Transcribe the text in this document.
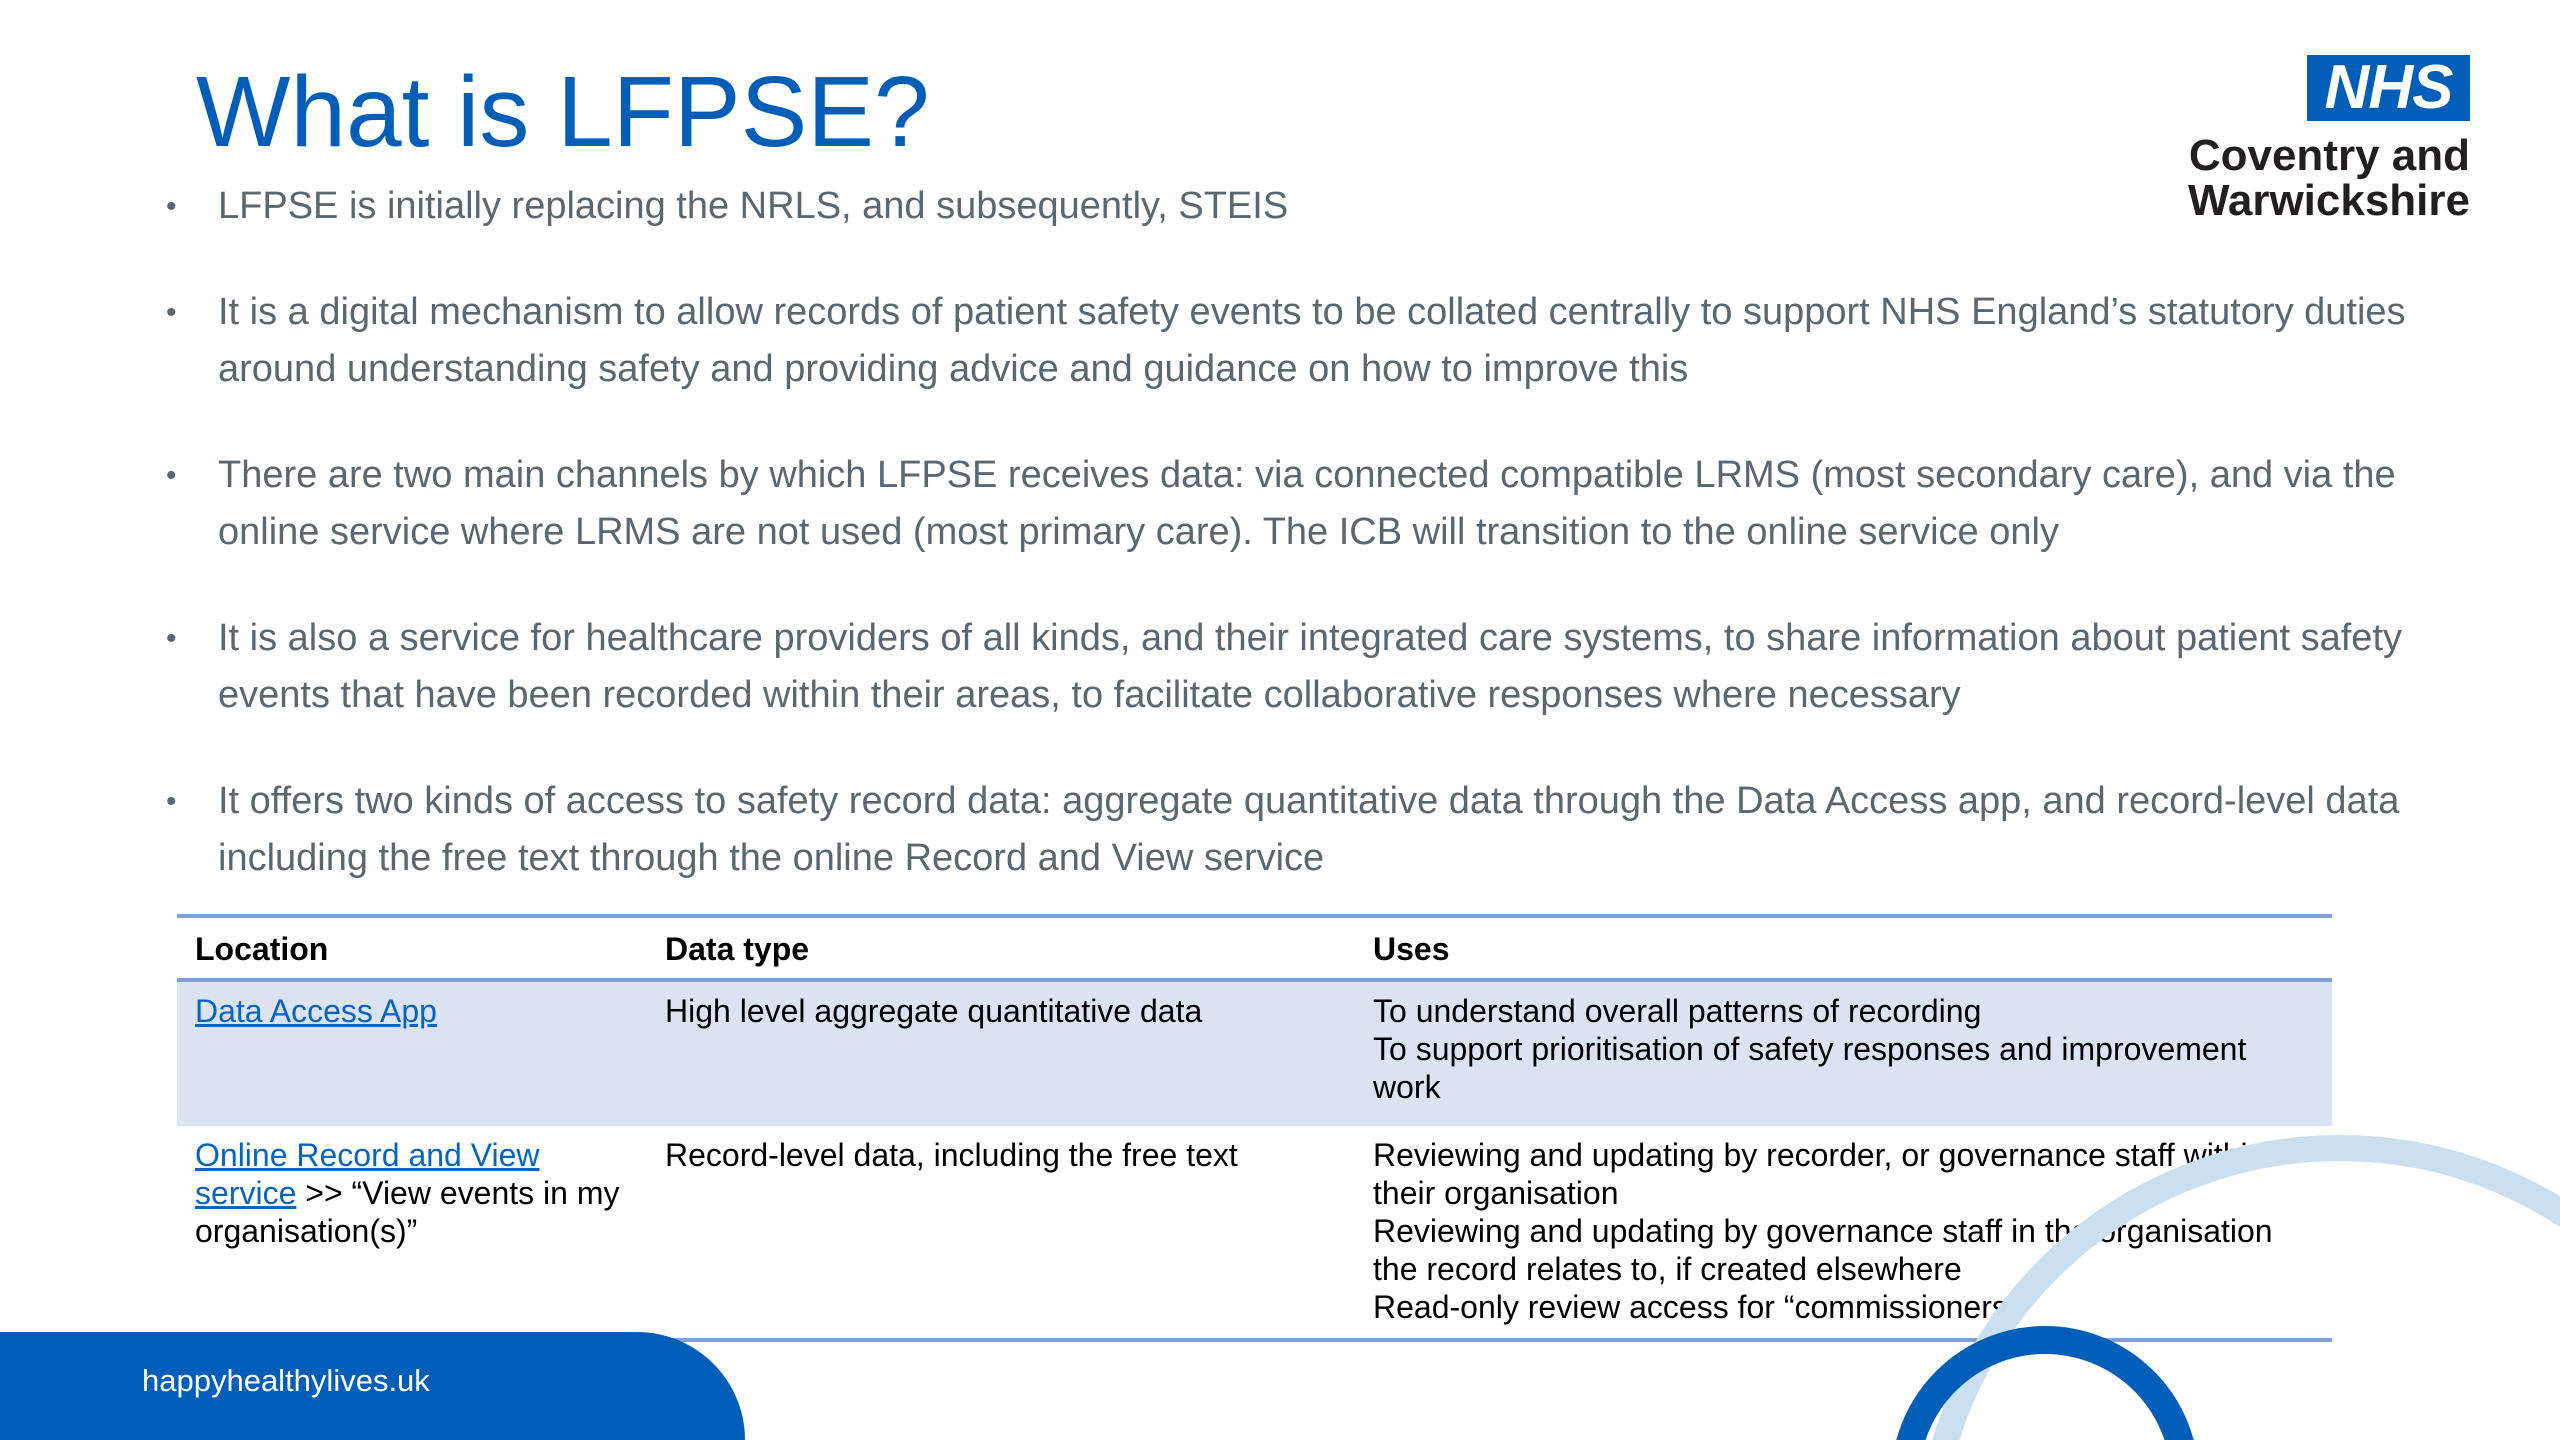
What is LFPSE?	NHS
Coventry and
Warwickshire
• LFPSE is initially replacing the NRLS, and subsequently, STEIS
• It is a digital mechanism to allow records of patient safety events to be collated centrally to support NHS England’s statutory duties around understanding safety and providing advice and guidance on how to improve this
• There are two main channels by which LFPSE receives data: via connected compatible LRMS (most secondary care), and via the online service where LRMS are not used (most primary care). The ICB will transition to the online service only
• It is also a service for healthcare providers of all kinds, and their integrated care systems, to share information about patient safety events that have been recorded within their areas, to facilitate collaborative responses where necessary
• It offers two kinds of access to safety record data: aggregate quantitative data through the Data Access app, and record-level data including the free text through the online Record and View service
Location	Data type	Uses
Data Access App	High level aggregate quantitative data	To understand overall patterns of recording
To support prioritisation of safety responses and improvement work

Online Record and View service >> “View events in my organisation(s)”	Record-level data, including the free text	Reviewing and updating by recorder, or governance staff within their organisation
Reviewing and updating by governance staff in the organisation the record relates to, if created elsewhere
Read-only review access for “commissioners”
happyhealthylives.uk
